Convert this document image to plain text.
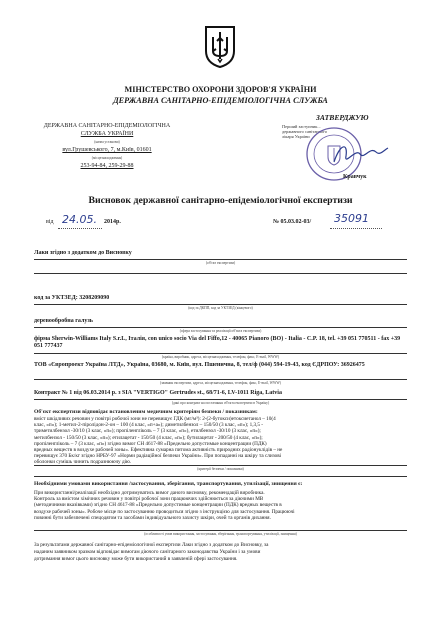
МІНІСТЕРСТВО ОХОРОНИ ЗДОРОВ'Я УКРАЇНИ
ДЕРЖАВНА САНІТАРНО-ЕПІДЕМІОЛОГІЧНА СЛУЖБА
ЗАТВЕРДЖУЮ
ДЕРЖАВНА САНІТАРНО-ЕПІДЕМІОЛОГІЧНА
СЛУЖБА УКРАЇНИ
(назва установи)
вул.Грушевського, 7, м.Київ, 01601
(місцезнаходження)
253-94-84, 259-29-88
Перший заступник...
державного санітарного
лікаря України
Кравчук
Висновок державної санітарно-епідеміологічної експертизи
від 24.05. 2014р.	№ 05.03.02-03/ 35091
Лаки згідно з додатком до Висновку
(об'єкт експертизи)
код за УКТЗЕД: 3208209090
(код за ДКПП, код за УКТЗЕД (кінцевого)
деревообробна галузь
(сфера застосування та реалізації об'єкта експертизи)
фірма Sherwin-Williams Italy S.r.L, Італія, con unico socio Via del Fiffo,12 - 40065 Pianoro (BO) - Italia - C.P. 18, tel. +39 051 770511 - fax +39 051 777437
(країна, виробник, адреса, місцезнаходження, телефон, факс, E-mail, WWW)
ТОВ «Європроект Україна ЛТД», Україна, 03680, м. Київ, вул. Пшенична, 8, тел/ф (044) 594-19-43, код ЄДРПОУ: 36926475
(заявник експертизи, адреса, місцезнаходження, телефон, факс, E-mail, WWW)
Контракт № 1 від 06.03.2014 р. з SIA "VERTIGO" Gertrudes st., 68/71-6, LV-1011 Riga, Latvia
(дані про контракт на постачання об'єкта експертизи в Україну)
Об'єкт експертизи відповідає встановленим медичним критеріям безпеки / показникам:
вміст шкідливих речовин у повітрі робочої зони не перевищує ГДК (мг/м³): 2-(2-бутокси)етоксиетанол – 10(4
клас, «п»); 1-метил-2-піролідон-2-он – 100 (4 клас, «п+а»); диметилбензол – 150/50 (3 клас, «п»); 1,3,5 -
триметилбензол -30/10 (3 клас, «п»); пропіленгліколь – 7 (3 клас, «п»), етилбензол -30/10 (3 клас, «п»);
метилбензол - 150/50 (3 клас, «п»); етилацетат - 150/50 (4 клас, «п»); бутилацетат - 200/50 (4 клас, «п»);
пропіленгліколь – 7 (3 клас, «п») згідно вимог СН 4617-88 «Предельно допустимые концентрации (ПДК)
вредных веществ в воздухе рабочей зоны». Ефективна сумарна питома активність природних радіонуклідів – не
перевищує 370 Бк/кг згідно НРБУ-97 «Норми радіаційної безпеки України». При попаданні на шкіру та слизові
оболонки сумішь чинить подразнюючу дію.
(критерії безпеки / показники)
Необхідними умовами використання /застосування, зберігання, транспортування, утилізації, знищення є:
При використанні/реалізації необхідно дотримуватись вимог даного висновку, рекомендацій виробника.
Контроль за вмістом хімічних речовин у повітрі робочої зони працюючих здійснюється за діючими МВ
(методичними вказівками) згідно СН 4617-88 «Предельно допустимые концентрации (ПДК) вредных веществ в
воздухе рабочей зоны». Робоче місце по застосуванню проводиться згідно з інструкцією для застосування. Працюючі
повинні бути забезпечені спецодягом та засобами індивідуального захисту шкіри, очей та органів дихання.
(особливості умов використання, застосування, зберігання, транспортування, утилізації, знищення)
За результатами державної санітарно-епідеміологічної експертизи Лаки згідно з додатком до Висновку, за
наданим заявником зразком відповідає вимогам діючого санітарного законодавства України і за умови
дотримання вимог цього висновку може бути використаний в заявленій сфері застосування.
